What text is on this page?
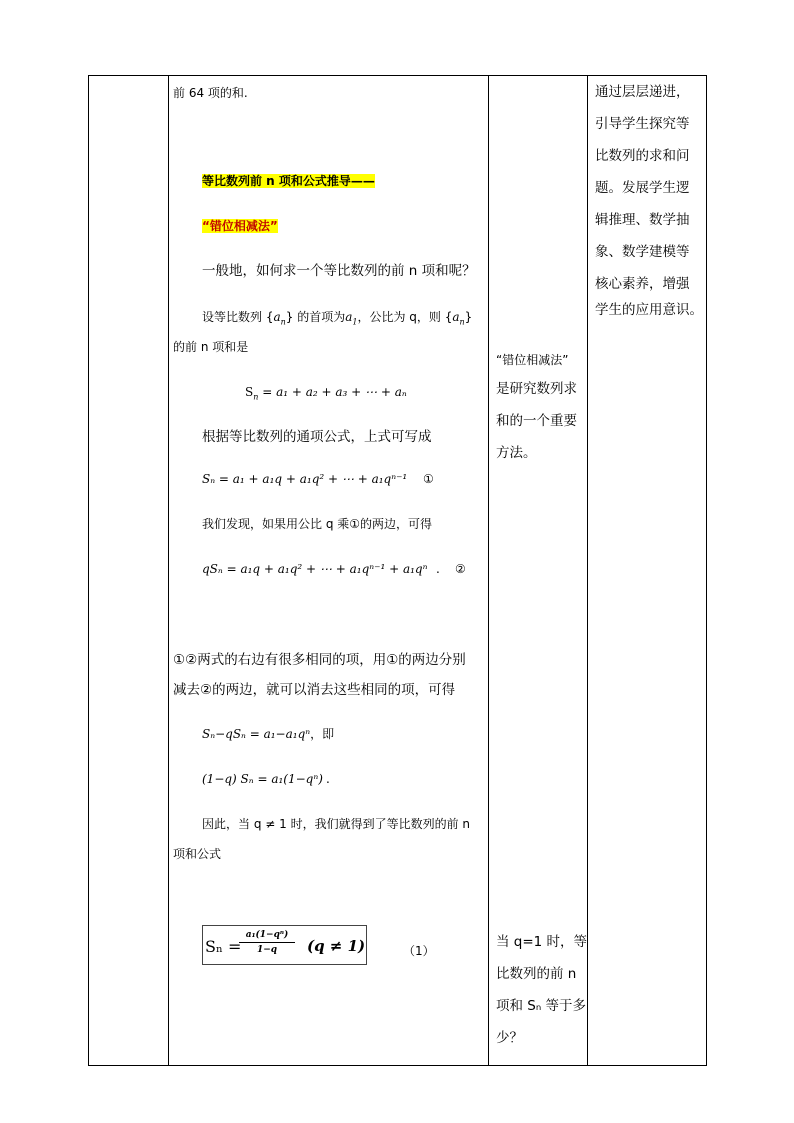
前 64 项的和.
等比数列前 n 项和公式推导——
“错位相减法”
一般地，如何求一个等比数列的前 n 项和呢？
设等比数列 $\{a_n\}$ 的首项为$a_1$，公比为 q，则 $\{a_n\}$
的前 n 项和是
$S_n = a_1 + a_2 + a_3$ + ⋯ + aₙ
根据等比数列的通项公式，上式可写成
Sₙ = a₁ + a₁q + a₁q² + ⋯ + a₁qⁿ⁻¹ ①
我们发现，如果用公比 q 乘①的两边，可得
qSₙ = a₁q + a₁q² + ⋯ + a₁qⁿ⁻¹ + a₁qⁿ . ②
①②两式的右边有很多相同的项，用①的两边分别
减去②的两边，就可以消去这些相同的项，可得
Sₙ−qSₙ = a₁−a₁qⁿ，即
(1−q) Sₙ = a₁(1−qⁿ) .
因此，当 q ≠ 1 时，我们就得到了等比数列的前 n
项和公式
Sₙ =
a₁(1−qⁿ)
1−q	(q ≠ 1)	（1）
“错位相减法”
是研究数列求
和的一个重要
方法。
当 q=1 时，等
比数列的前 n
项和 Sₙ 等于多
少？
通过层层递进，
引导学生探究等
比数列的求和问
题。发展学生逻
辑推理、数学抽
象、数学建模等
核心素养，增强
学生的应用意识。
